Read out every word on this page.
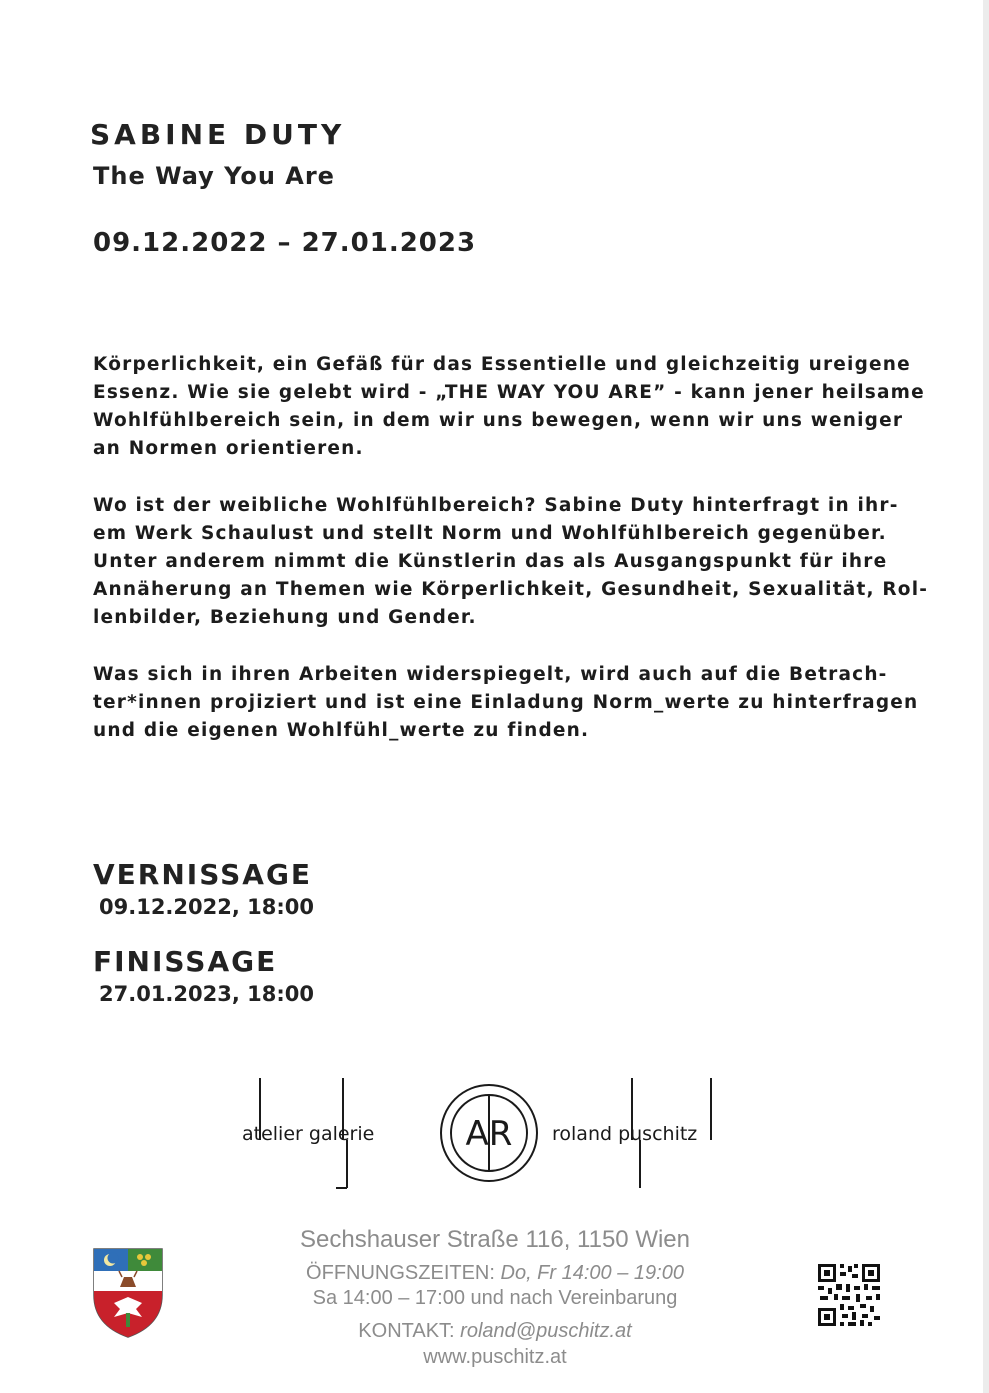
SABINE DUTY
The Way You Are
09.12.2022 – 27.01.2023

Körperlichkeit, ein Gefäß für das Essentielle und gleichzeitig ureigene
Essenz. Wie sie gelebt wird - „THE WAY YOU ARE” - kann jener heilsame
Wohlfühlbereich sein, in dem wir uns bewegen, wenn wir uns weniger
an Normen orientieren.

Wo ist der weibliche Wohlfühlbereich? Sabine Duty hinterfragt in ihr-
em Werk Schaulust und stellt Norm und Wohlfühlbereich gegenüber.
Unter anderem nimmt die Künstlerin das als Ausgangspunkt für ihre
Annäherung an Themen wie Körperlichkeit, Gesundheit, Sexualität, Rol-
lenbilder, Beziehung und Gender.

Was sich in ihren Arbeiten widerspiegelt, wird auch auf die Betrach-
ter*innen projiziert und ist eine Einladung Norm_werte zu hinterfragen
und die eigenen Wohlfühl_werte zu finden.

VERNISSAGE
09.12.2022, 18:00
FINISSAGE
27.01.2023, 18:00
atelier galerie	AR roland puschitz
Sechshauser Straße 116, 1150 Wien
ÖFFNUNGSZEITEN: Do, Fr 14:00 – 19:00
Sa 14:00 – 17:00 und nach Vereinbarung
KONTAKT: roland@puschitz.at
www.puschitz.at
